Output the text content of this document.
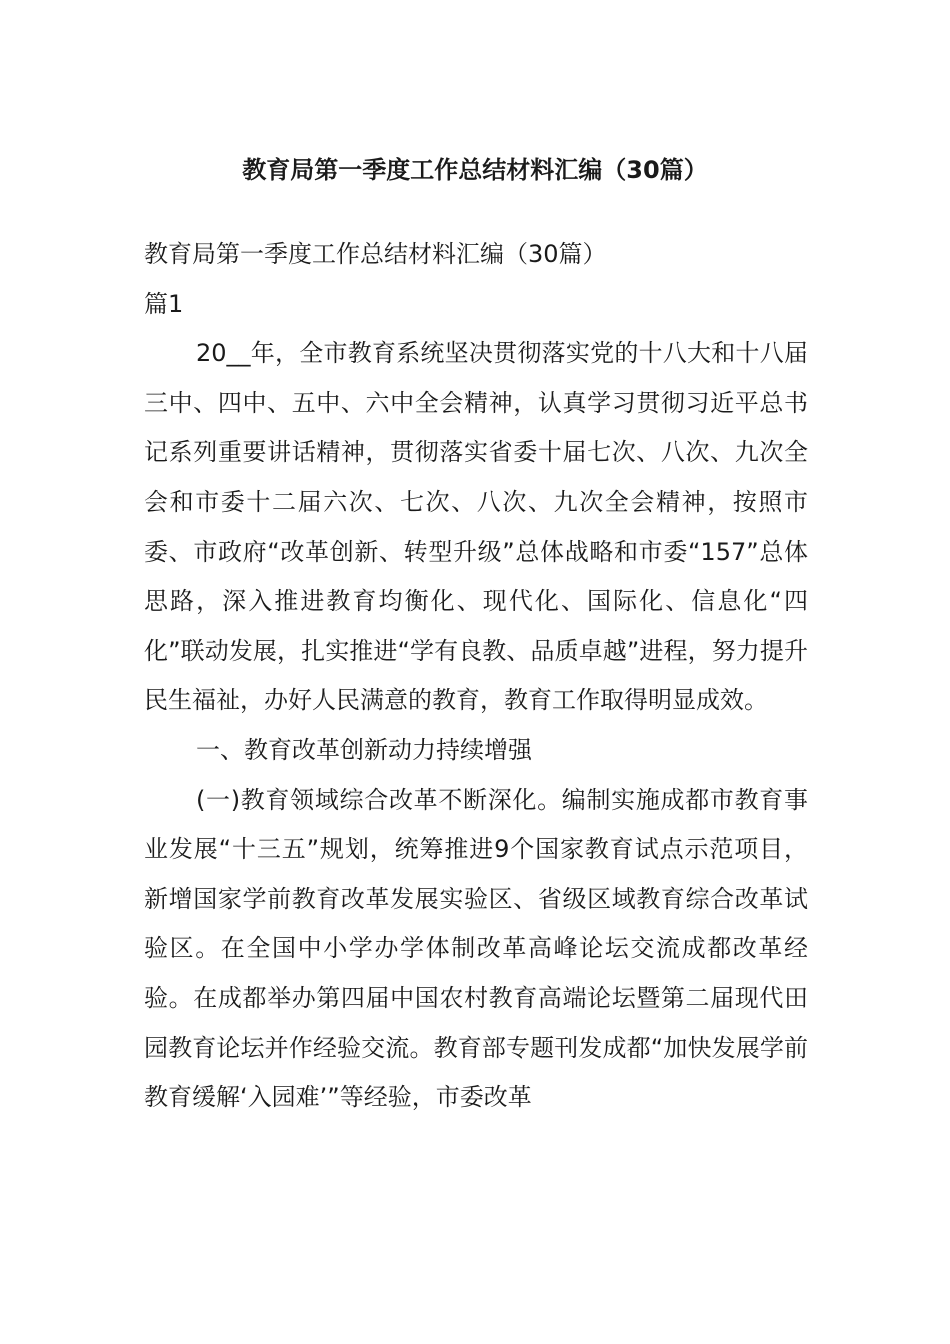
教育局第一季度工作总结材料汇编（30篇）

教育局第一季度工作总结材料汇编（30篇）

篇1

20__年，全市教育系统坚决贯彻落实党的十八大和十八届三中、四中、五中、六中全会精神，认真学习贯彻习近平总书记系列重要讲话精神，贯彻落实省委十届七次、八次、九次全会和市委十二届六次、七次、八次、九次全会精神，按照市委、市政府“改革创新、转型升级”总体战略和市委“157”总体思路，深入推进教育均衡化、现代化、国际化、信息化“四化”联动发展，扎实推进“学有良教、品质卓越”进程，努力提升民生福祉，办好人民满意的教育，教育工作取得明显成效。

一、教育改革创新动力持续增强

(一)教育领域综合改革不断深化。编制实施成都市教育事业发展“十三五”规划，统筹推进9个国家教育试点示范项目，新增国家学前教育改革发展实验区、省级区域教育综合改革试验区。在全国中小学办学体制改革高峰论坛交流成都改革经验。在成都举办第四届中国农村教育高端论坛暨第二届现代田园教育论坛并作经验交流。教育部专题刊发成都“加快发展学前教育缓解‘入园难’”等经验，市委改革
